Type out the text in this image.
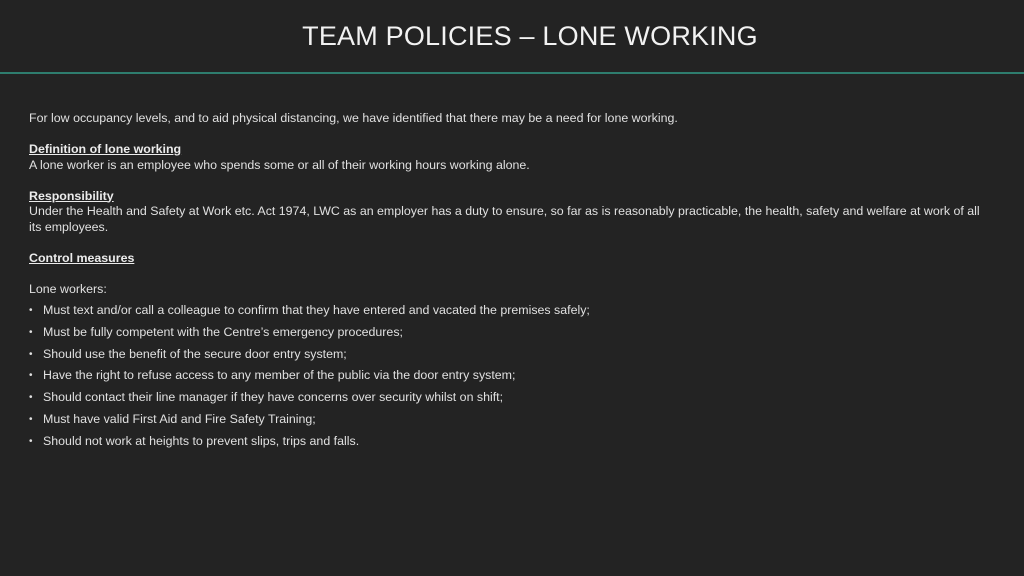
TEAM POLICIES – LONE WORKING

For low occupancy levels, and to aid physical distancing, we have identified that there may be a need for lone working.

Definition of lone working

A lone worker is an employee who spends some or all of their working hours working alone.

Responsibility

Under the Health and Safety at Work etc. Act 1974, LWC as an employer has a duty to ensure, so far as is reasonably practicable, the health, safety and welfare at work of all its employees.

Control measures

Lone workers:

• Must text and/or call a colleague to confirm that they have entered and vacated the premises safely;
• Must be fully competent with the Centre’s emergency procedures;
• Should use the benefit of the secure door entry system;
• Have the right to refuse access to any member of the public via the door entry system;
• Should contact their line manager if they have concerns over security whilst on shift;
• Must have valid First Aid and Fire Safety Training;
• Should not work at heights to prevent slips, trips and falls.
